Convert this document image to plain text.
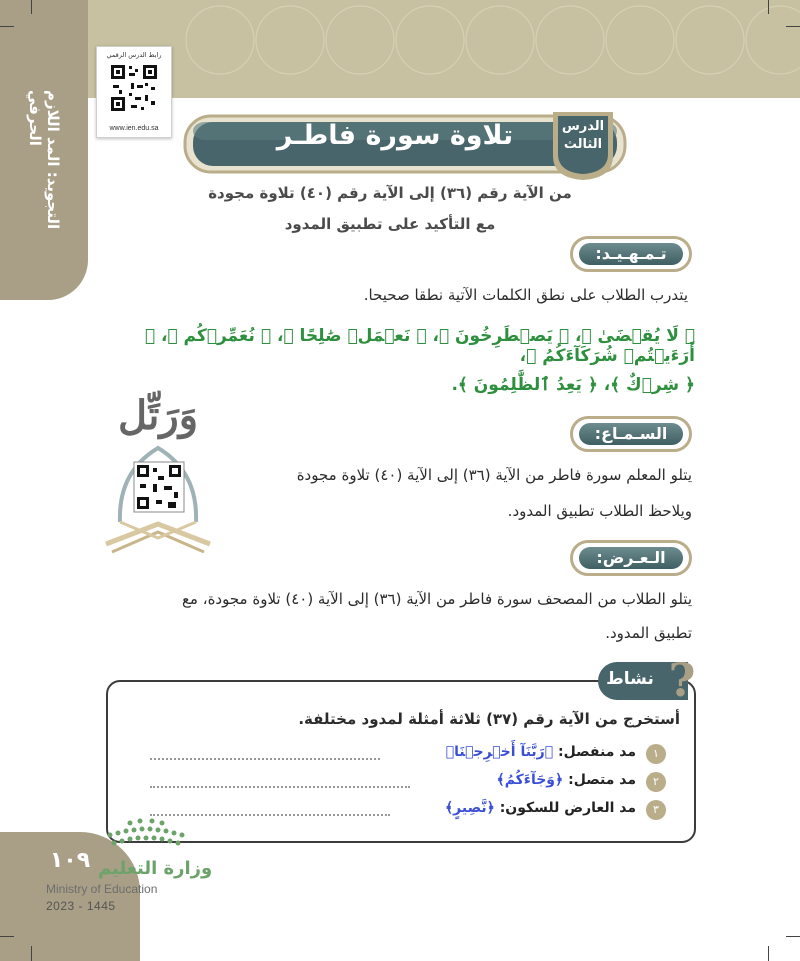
التجويد: المد اللازم الحرفي
رابط الدرس الرقمي
www.ien.edu.sa	تلاوة سورة فاطـر	الدرس
الثالث
من الآية رقم (٣٦) إلى الآية رقم (٤٠) تلاوة مجودة
مع التأكيد على تطبيق المدود
تـمـهـيـد:
يتدرب الطلاب على نطق الكلمات الآتية نطقا صحيحا.
﴿ لَا يُقۡضَىٰ ﴾، ﴿ يَصۡطَرِخُونَ ﴾، ﴿ نَعۡمَلۡ صَٰلِحًا ﴾، ﴿ نُعَمِّرۡكُم ﴾، ﴿ أَرَءَيۡتُمۡ شُرَكَآءَكُمُ ﴾،
﴿ شِرۡكٌ ﴾، ﴿ يَعِدُ ٱلظَّٰلِمُونَ ﴾.
وَرَتِّل	السـمـاع:
يتلو المعلم سورة فاطر من الآية (٣٦) إلى الآية (٤٠) تلاوة مجودة
ويلاحظ الطلاب تطبيق المدود.
الـعـرض:
يتلو الطلاب من المصحف سورة فاطر من الآية (٣٦) إلى الآية (٤٠) تلاوة مجودة، مع
تطبيق المدود.
نشاط ?
أستخرج من الآية رقم (٣٧) ثلاثة أمثلة لمدود مختلفة.
١
مد منفصل: ﴿رَبَّنَآ أَخۡرِجۡنَا﴾
٢
مد متصل: ﴿وَجَآءَكُمُ﴾
٣
مد العارض للسكون: ﴿نَّصِيرٍ﴾
١٠٩ وزارة التعليم
Ministry of Education
2023 - 1445
